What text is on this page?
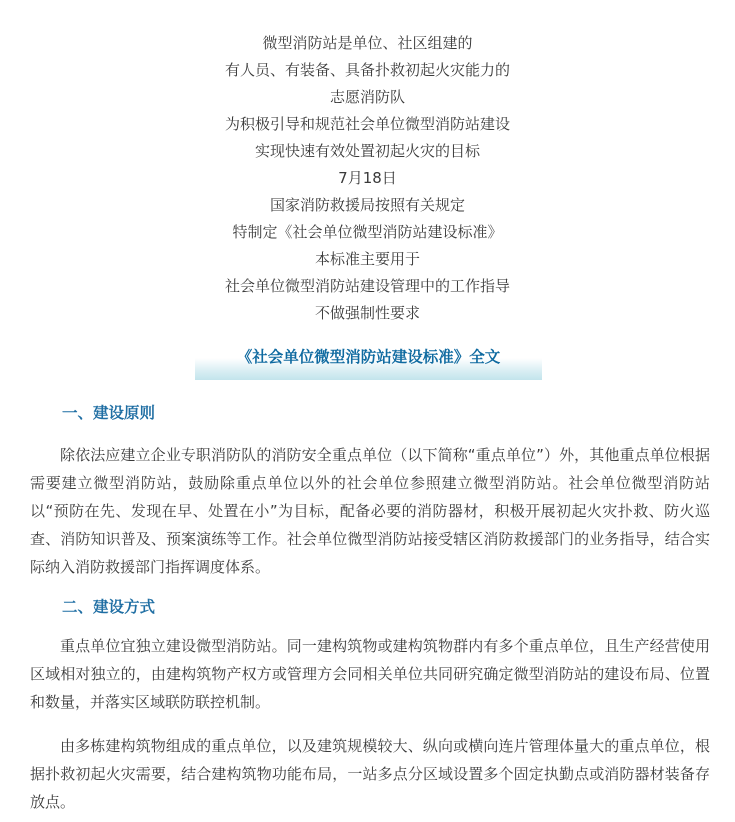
微型消防站是单位、社区组建的
有人员、有装备、具备扑救初起火灾能力的
志愿消防队
为积极引导和规范社会单位微型消防站建设
实现快速有效处置初起火灾的目标
7月18日
国家消防救援局按照有关规定
特制定《社会单位微型消防站建设标准》
本标准主要用于
社会单位微型消防站建设管理中的工作指导
不做强制性要求
《社会单位微型消防站建设标准》全文
一、建设原则

除依法应建立企业专职消防队的消防安全重点单位（以下简称“重点单位”）外，其他重点单位根据需要建立微型消防站，鼓励除重点单位以外的社会单位参照建立微型消防站。社会单位微型消防站以“预防在先、发现在早、处置在小”为目标，配备必要的消防器材，积极开展初起火灾扑救、防火巡查、消防知识普及、预案演练等工作。社会单位微型消防站接受辖区消防救援部门的业务指导，结合实际纳入消防救援部门指挥调度体系。

二、建设方式

重点单位宜独立建设微型消防站。同一建构筑物或建构筑物群内有多个重点单位，且生产经营使用区域相对独立的，由建构筑物产权方或管理方会同相关单位共同研究确定微型消防站的建设布局、位置和数量，并落实区域联防联控机制。

由多栋建构筑物组成的重点单位，以及建筑规模较大、纵向或横向连片管理体量大的重点单位，根据扑救初起火灾需要，结合建构筑物功能布局，一站多点分区域设置多个固定执勤点或消防器材装备存放点。
